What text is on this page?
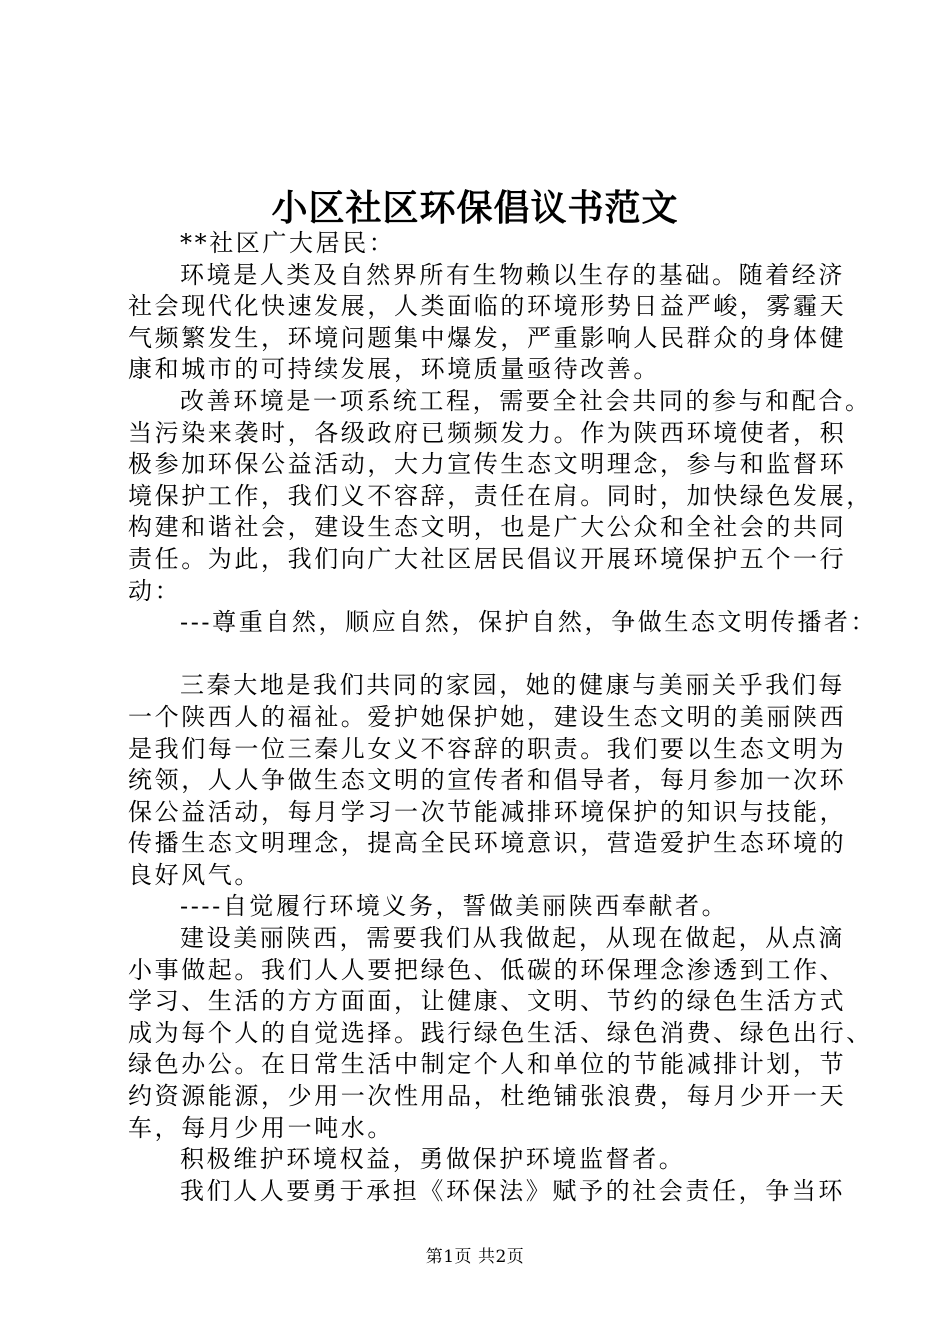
小区社区环保倡议书范文
**社区广大居民：
环境是人类及自然界所有生物赖以生存的基础。随着经济
社会现代化快速发展，人类面临的环境形势日益严峻，雾霾天
气频繁发生，环境问题集中爆发，严重影响人民群众的身体健
康和城市的可持续发展，环境质量亟待改善。
改善环境是一项系统工程，需要全社会共同的参与和配合。
当污染来袭时，各级政府已频频发力。作为陕西环境使者，积
极参加环保公益活动，大力宣传生态文明理念，参与和监督环
境保护工作，我们义不容辞，责任在肩。同时，加快绿色发展，
构建和谐社会，建设生态文明，也是广大公众和全社会的共同
责任。为此，我们向广大社区居民倡议开展环境保护五个一行
动：
---尊重自然，顺应自然，保护自然，争做生态文明传播者：
三秦大地是我们共同的家园，她的健康与美丽关乎我们每
一个陕西人的福祉。爱护她保护她，建设生态文明的美丽陕西
是我们每一位三秦儿女义不容辞的职责。我们要以生态文明为
统领，人人争做生态文明的宣传者和倡导者，每月参加一次环
保公益活动，每月学习一次节能减排环境保护的知识与技能，
传播生态文明理念，提高全民环境意识，营造爱护生态环境的
良好风气。
----自觉履行环境义务，誓做美丽陕西奉献者。
建设美丽陕西，需要我们从我做起，从现在做起，从点滴
小事做起。我们人人要把绿色、低碳的环保理念渗透到工作、
学习、生活的方方面面，让健康、文明、节约的绿色生活方式
成为每个人的自觉选择。践行绿色生活、绿色消费、绿色出行、
绿色办公。在日常生活中制定个人和单位的节能减排计划，节
约资源能源，少用一次性用品，杜绝铺张浪费，每月少开一天
车，每月少用一吨水。
积极维护环境权益，勇做保护环境监督者。
我们人人要勇于承担《环保法》赋予的社会责任，争当环
第1页 共2页
